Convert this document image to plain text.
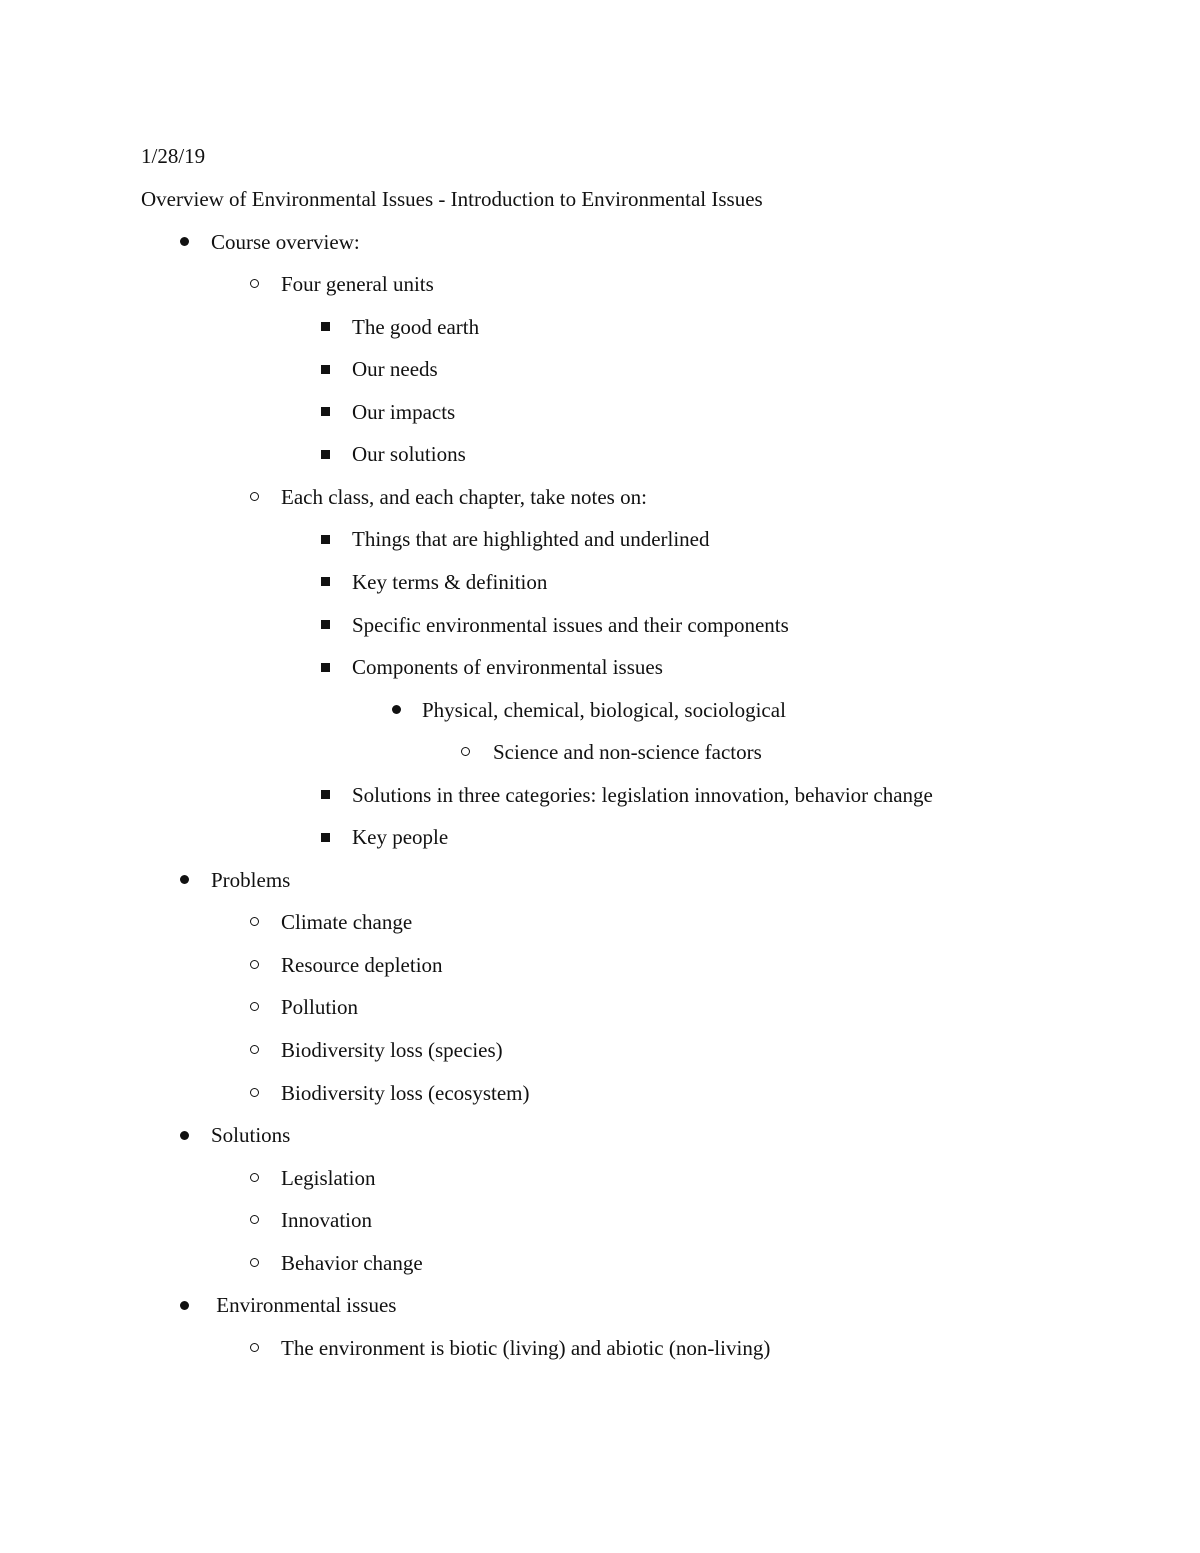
1/28/19
Overview of Environmental Issues - Introduction to Environmental Issues
Course overview:
Four general units
The good earth
Our needs
Our impacts
Our solutions
Each class, and each chapter, take notes on:
Things that are highlighted and underlined
Key terms & definition
Specific environmental issues and their components
Components of environmental issues
Physical, chemical, biological, sociological
Science and non-science factors
Solutions in three categories: legislation innovation, behavior change
Key people
Problems
Climate change
Resource depletion
Pollution
Biodiversity loss (species)
Biodiversity loss (ecosystem)
Solutions
Legislation
Innovation
Behavior change
Environmental issues
The environment is biotic (living) and abiotic (non-living)
